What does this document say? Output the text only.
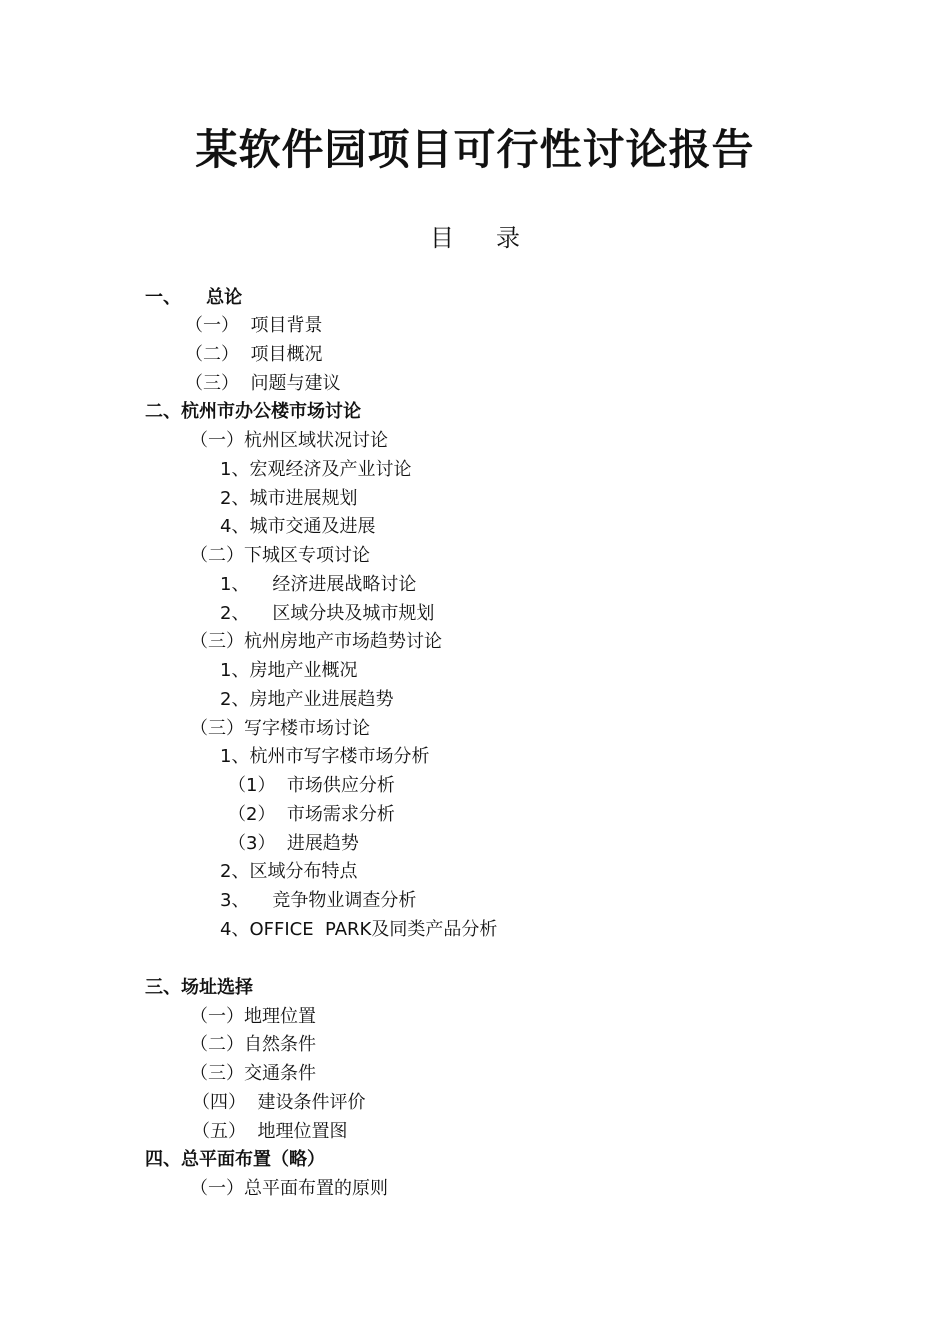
某软件园项目可行性讨论报告
目录

一、    总论

（一）  项目背景

（二）  项目概况

（三）  问题与建议

二、杭州市办公楼市场讨论

（一）杭州区域状况讨论

1、宏观经济及产业讨论

2、城市进展规划

4、城市交通及进展

（二）下城区专项讨论

1、    经济进展战略讨论

2、    区域分块及城市规划

（三）杭州房地产市场趋势讨论

1、房地产业概况

2、房地产业进展趋势

（三）写字楼市场讨论

1、杭州市写字楼市场分析

（1）  市场供应分析

（2）  市场需求分析

（3）  进展趋势

2、区域分布特点

3、    竞争物业调查分析

4、OFFICE  PARK及同类产品分析

三、场址选择

（一）地理位置

（二）自然条件

（三）交通条件

（四）  建设条件评价

（五）  地理位置图

四、总平面布置（略）

（一）总平面布置的原则
